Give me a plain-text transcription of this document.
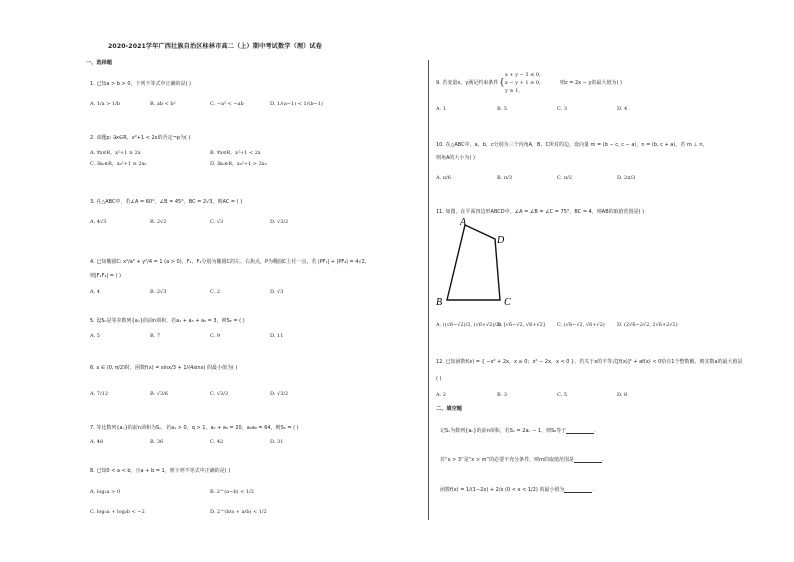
2020-2021学年广西壮族自治区桂林市高二（上）期中考试数学（理）试卷
一、选择题
1. 已知a > b > 0，下列不等式中正确的是( )
A. 1/a > 1/b	B. ab < b²	C. −a² < −ab	D. 1/(a−1) < 1/(b−1)
2. 命题p: ∃x∈R，x²+1 < 2x的否定¬p为( )
A. ∀x∈R，x²+1 ≥ 2x	B. ∀x∈R，x²+1 < 2x
C. ∃x₀∈R，x₀²+1 ≥ 2x₀	D. ∃x₀∈R，x₀²+1 > 2x₀
3. 在△ABC中，若∠A = 60°，∠B = 45°，BC = 2√3，则AC = ( )
A. 4√3	B. 2√2	C. √3	D. √3/2
4. 已知椭圆C: x²/a² + y²/4 = 1 (a > 0)，F₁，F₂分别为椭圆C的左、右焦点，P为椭圆C上任一点，若 |PF₁| + |PF₂| = 4√2,
则|F₁F₂| = ( )
A. 4	B. 2√3	C. 2	D. √3
5. 设Sₙ是等差数列{aₙ}的前n项和，若a₁ + a₃ + a₅ = 3，则S₅ = ( )
A. 5	B. 7	C. 9	D. 11
6. x ∈ (0, π/2)时，函数f(x) = sinx/3 + 1/(4sinx) 的最小值为( )
A. 7/12	B. √3/6	C. √3/3	D. √3/2
7. 等比数列{aₙ}的前n项和为Sₙ，若a₁ > 0，q > 1，a₃ + a₅ = 20，a₂a₆ = 64，则S₅ = ( )
A. 48	B. 36	C. 42	D. 31
8. 已知0 < a < b，且a + b = 1，则下列不等式中正确的是( )
A. log₂a > 0	B. 2^(a−b) < 1/2
C. log₂a + log₂b < −2	D. 2^(b/a + a/b) < 1/2
9. 若变量x，y满足约束条件 {
x + y − 3 ≤ 0,
x − y + 1 ≥ 0,
y ≥ 1,
则z = 2x − y的最大值为( )
A. 1	B. 5	C. 3	D. 4
10. 在△ABC中，a，b，c分别为三个内角A，B，C所对的边，设向量 m = (b − c, c − a)，n = (b, c + a)，若 m ⊥ n，
则角A的大小为( )
A. π/6	B. π/3	C. π/2	D. 2π/3
11. 如图，在平面四边形ABCD中，∠A = ∠B = ∠C = 75°，BC = 4，则AB的取值范围是( )
A
D
B	C
A. ((√6−√2)/2, (√6+√2)/2)
B. [√6−√2, √6+√2] C. (√6−√2, √6+√2) D. (2√6−2√2, 2√6+2√2)
12. 已知函数f(x) = { −x² + 2x，x ≥ 0；x² − 2x，x < 0 }，若关于x的不等式[f(x)]² + af(x) < 0恰有1个整数解，则实数a的最大值是
( )
A. 2	B. 3	C. 5	D. 8
二、填空题
记Sₙ为数列{aₙ}的前n项和，若Sₙ = 2aₙ − 1，则S₆等于	.
若“x > 3”是“x > m”的必要不充分条件，则m的取值范围是	.
函数f(x) = 1/(1−2x) + 2/x (0 < x < 1/2) 的最小值为	.
